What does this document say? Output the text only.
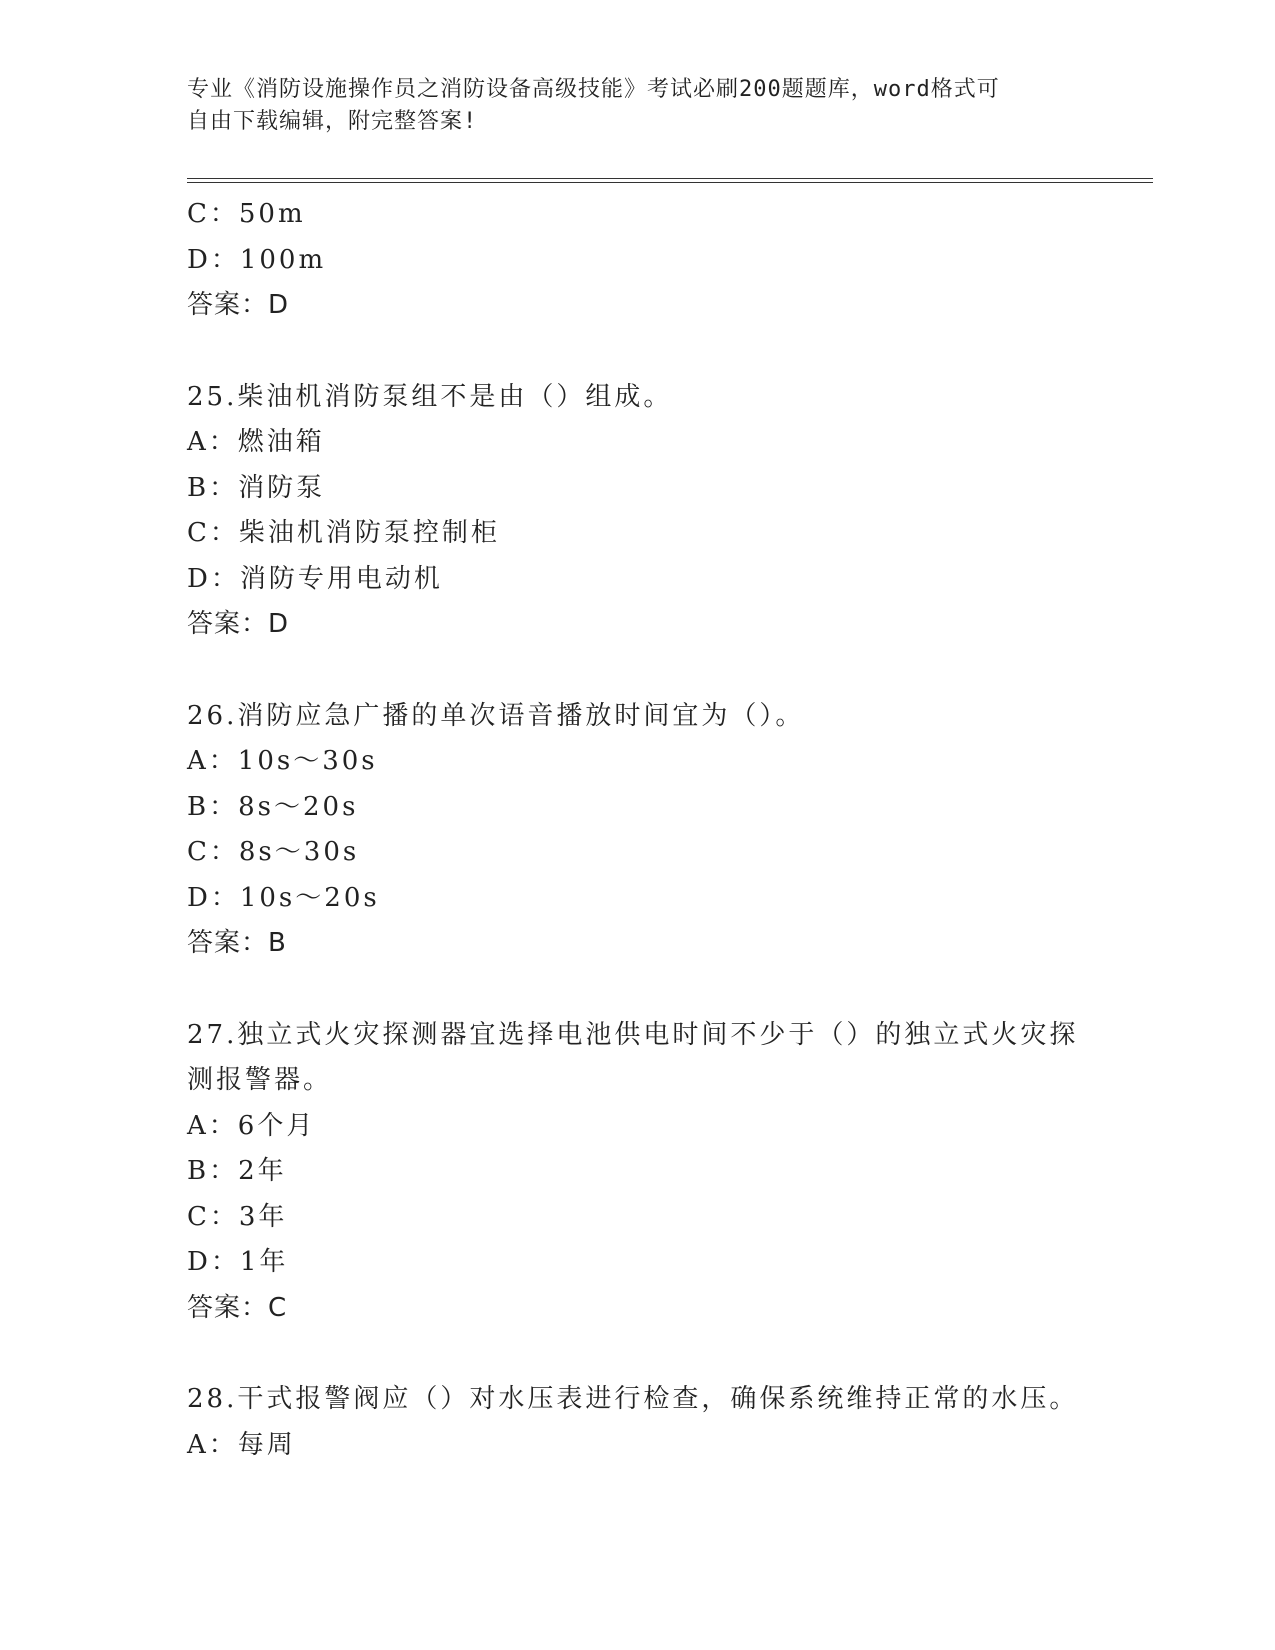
专业《消防设施操作员之消防设备高级技能》考试必刷200题题库，word格式可
自由下载编辑，附完整答案!
C：50m
D：100m
答案：D
25.柴油机消防泵组不是由（）组成。
A：燃油箱
B：消防泵
C：柴油机消防泵控制柜
D：消防专用电动机
答案：D
26.消防应急广播的单次语音播放时间宜为（）。
A：10s～30s
B：8s～20s
C：8s～30s
D：10s～20s
答案：B
27.独立式火灾探测器宜选择电池供电时间不少于（）的独立式火灾探
测报警器。
A：6个月
B：2年
C：3年
D：1年
答案：C
28.干式报警阀应（）对水压表进行检查，确保系统维持正常的水压。
A：每周
